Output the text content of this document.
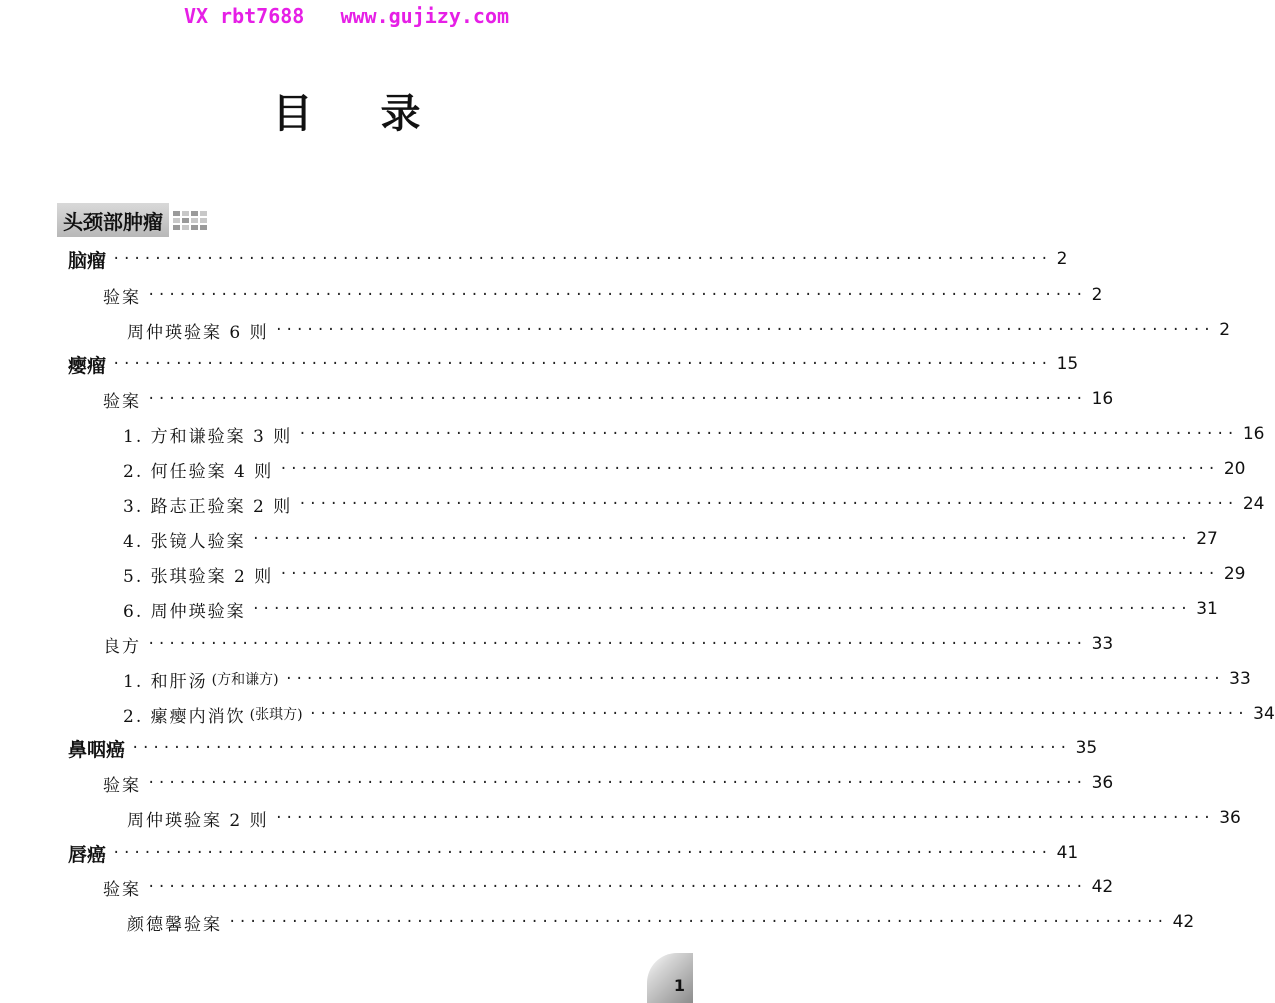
VX rbt7688   www.gujizy.com
目录
头颈部肿瘤
脑瘤 ·························································································· 2
验案 ·························································································· 2
周仲瑛验案 6 则 ·························································································· 2
瘿瘤 ·························································································· 15
验案 ·························································································· 16
1. 方和谦验案 3 则 ·························································································· 16
2. 何任验案 4 则 ·························································································· 20
3. 路志正验案 2 则 ·························································································· 24
4. 张镜人验案 ·························································································· 27
5. 张琪验案 2 则 ·························································································· 29
6. 周仲瑛验案 ·························································································· 31
良方 ·························································································· 33
1. 和肝汤 (方和谦方) ·························································································· 33
2. 瘰瘿内消饮 (张琪方) ·························································································· 34
鼻咽癌 ·························································································· 35
验案 ·························································································· 36
周仲瑛验案 2 则 ·························································································· 36
唇癌 ·························································································· 41
验案 ·························································································· 42
颜德馨验案 ·························································································· 42
1
